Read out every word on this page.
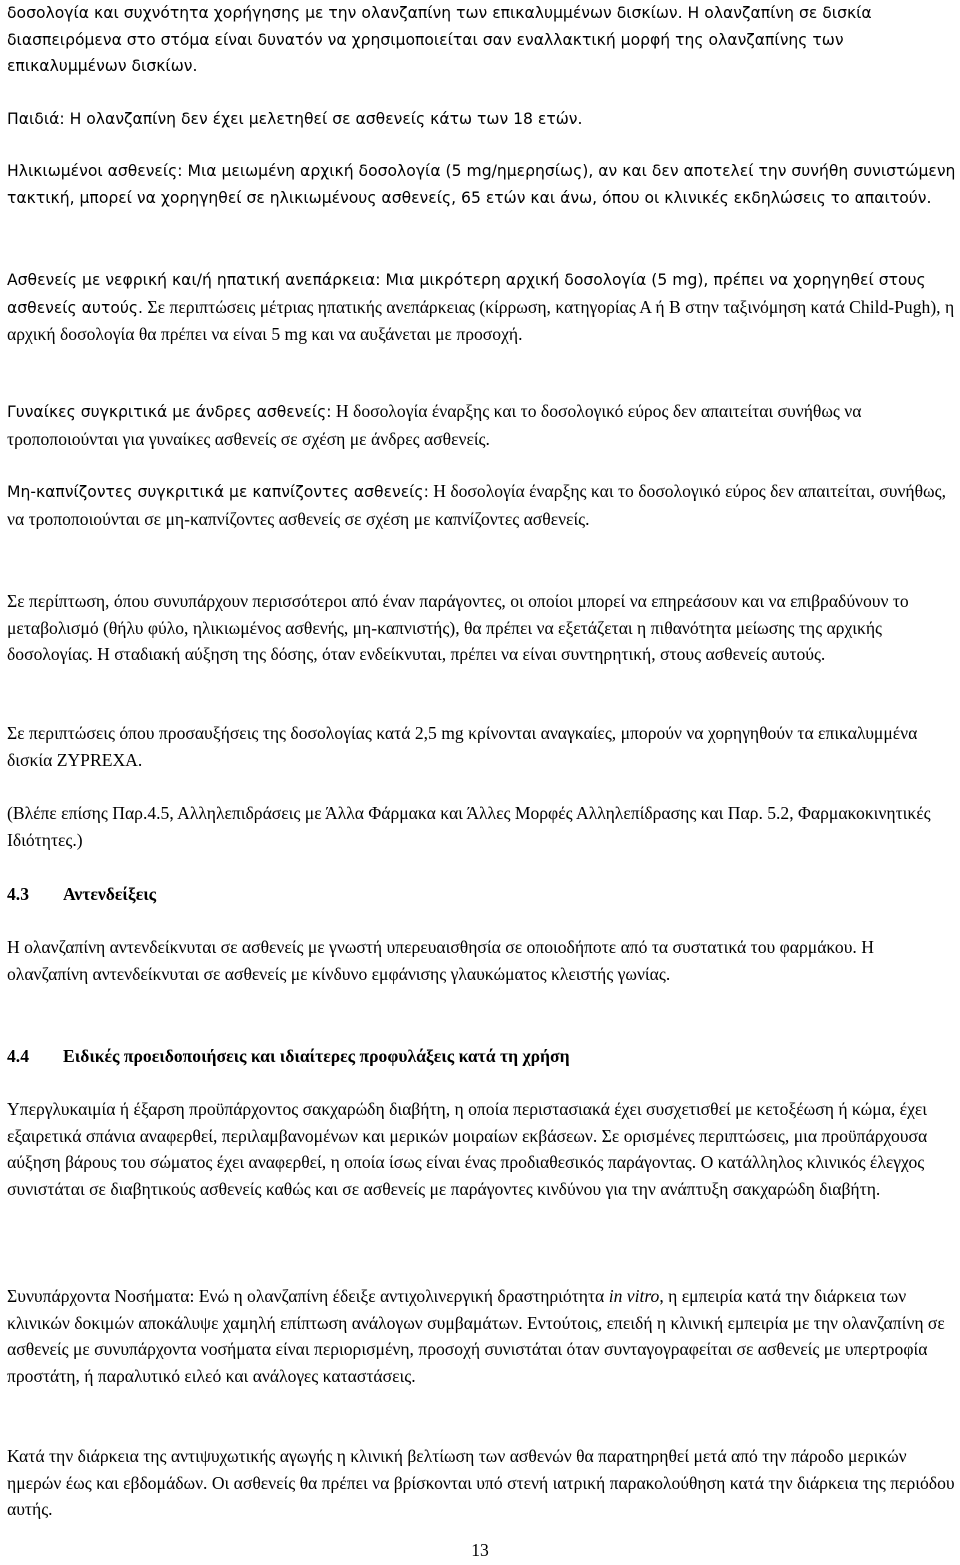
δοσολογία και συχνότητα χορήγησης με την ολανζαπίνη των επικαλυμμένων δισκίων. Η ολανζαπίνη σε δισκία διασπειρόμενα στο στόμα είναι δυνατόν να χρησιμοποιείται σαν εναλλακτική μορφή της ολανζαπίνης των επικαλυμμένων δισκίων.

Παιδιά: Η ολανζαπίνη δεν έχει μελετηθεί σε ασθενείς κάτω των 18 ετών.

Ηλικιωμένοι ασθενείς: Μια μειωμένη αρχική δοσολογία (5 mg/ημερησίως), αν και δεν αποτελεί την συνήθη συνιστώμενη τακτική, μπορεί να χορηγηθεί σε ηλικιωμένους ασθενείς, 65 ετών και άνω, όπου οι κλινικές εκδηλώσεις το απαιτούν.

Ασθενείς με νεφρική και/ή ηπατική ανεπάρκεια: Μια μικρότερη αρχική δοσολογία (5 mg), πρέπει να χορηγηθεί στους ασθενείς αυτούς. Σε περιπτώσεις μέτριας ηπατικής ανεπάρκειας (κίρρωση, κατηγορίας Α ή Β στην ταξινόμηση κατά Child-Pugh), η αρχική δοσολογία θα πρέπει να είναι 5 mg και να αυξάνεται με προσοχή.

Γυναίκες συγκριτικά με άνδρες ασθενείς: Η δοσολογία έναρξης και το δοσολογικό εύρος δεν απαιτείται συνήθως να τροποποιούνται για γυναίκες ασθενείς σε σχέση με άνδρες ασθενείς.

Μη-καπνίζοντες συγκριτικά με καπνίζοντες ασθενείς: Η δοσολογία έναρξης και το δοσολογικό εύρος δεν απαιτείται, συνήθως, να τροποποιούνται σε μη-καπνίζοντες ασθενείς σε σχέση με καπνίζοντες ασθενείς.

Σε περίπτωση, όπου συνυπάρχουν περισσότεροι από έναν παράγοντες, οι οποίοι μπορεί να επηρεάσουν και να επιβραδύνουν το μεταβολισμό (θήλυ φύλο, ηλικιωμένος ασθενής, μη-καπνιστής), θα πρέπει να εξετάζεται η πιθανότητα μείωσης της αρχικής δοσολογίας. Η σταδιακή αύξηση της δόσης, όταν ενδείκνυται, πρέπει να είναι συντηρητική, στους ασθενείς αυτούς.

Σε περιπτώσεις όπου προσαυξήσεις της δοσολογίας κατά 2,5 mg κρίνονται αναγκαίες, μπορούν να χορηγηθούν τα επικαλυμμένα δισκία ZYPREXA.

(Βλέπε επίσης Παρ.4.5, Αλληλεπιδράσεις με Άλλα Φάρμακα και Άλλες Μορφές Αλληλεπίδρασης και Παρ. 5.2, Φαρμακοκινητικές Ιδιότητες.)

4.3 Αντενδείξεις

Η ολανζαπίνη αντενδείκνυται σε ασθενείς με γνωστή υπερευαισθησία σε οποιοδήποτε από τα συστατικά του φαρμάκου. Η ολανζαπίνη αντενδείκνυται σε ασθενείς με κίνδυνο εμφάνισης γλαυκώματος κλειστής γωνίας.

4.4 Ειδικές προειδοποιήσεις και ιδιαίτερες προφυλάξεις κατά τη χρήση

Υπεργλυκαιμία ή έξαρση προϋπάρχοντος σακχαρώδη διαβήτη, η οποία περιστασιακά έχει συσχετισθεί με κετοξέωση ή κώμα, έχει εξαιρετικά σπάνια αναφερθεί, περιλαμβανομένων και μερικών μοιραίων εκβάσεων. Σε ορισμένες περιπτώσεις, μια προϋπάρχουσα αύξηση βάρους του σώματος έχει αναφερθεί, η οποία ίσως είναι ένας προδιαθεσικός παράγοντας. Ο κατάλληλος κλινικός έλεγχος συνιστάται σε διαβητικούς ασθενείς καθώς και σε ασθενείς με παράγοντες κινδύνου για την ανάπτυξη σακχαρώδη διαβήτη.

Συνυπάρχοντα Νοσήματα: Ενώ η ολανζαπίνη έδειξε αντιχολινεργική δραστηριότητα in vitro, η εμπειρία κατά την διάρκεια των κλινικών δοκιμών αποκάλυψε χαμηλή επίπτωση ανάλογων συμβαμάτων. Εντούτοις, επειδή η κλινική εμπειρία με την ολανζαπίνη σε ασθενείς με συνυπάρχοντα νοσήματα είναι περιορισμένη, προσοχή συνιστάται όταν συνταγογραφείται σε ασθενείς με υπερτροφία προστάτη, ή παραλυτικό ειλεό και ανάλογες καταστάσεις.

Κατά την διάρκεια της αντιψυχωτικής αγωγής η κλινική βελτίωση των ασθενών θα παρατηρηθεί μετά από την πάροδο μερικών ημερών έως και εβδομάδων. Οι ασθενείς θα πρέπει να βρίσκονται υπό στενή ιατρική παρακολούθηση κατά την διάρκεια της περιόδου αυτής.

13
